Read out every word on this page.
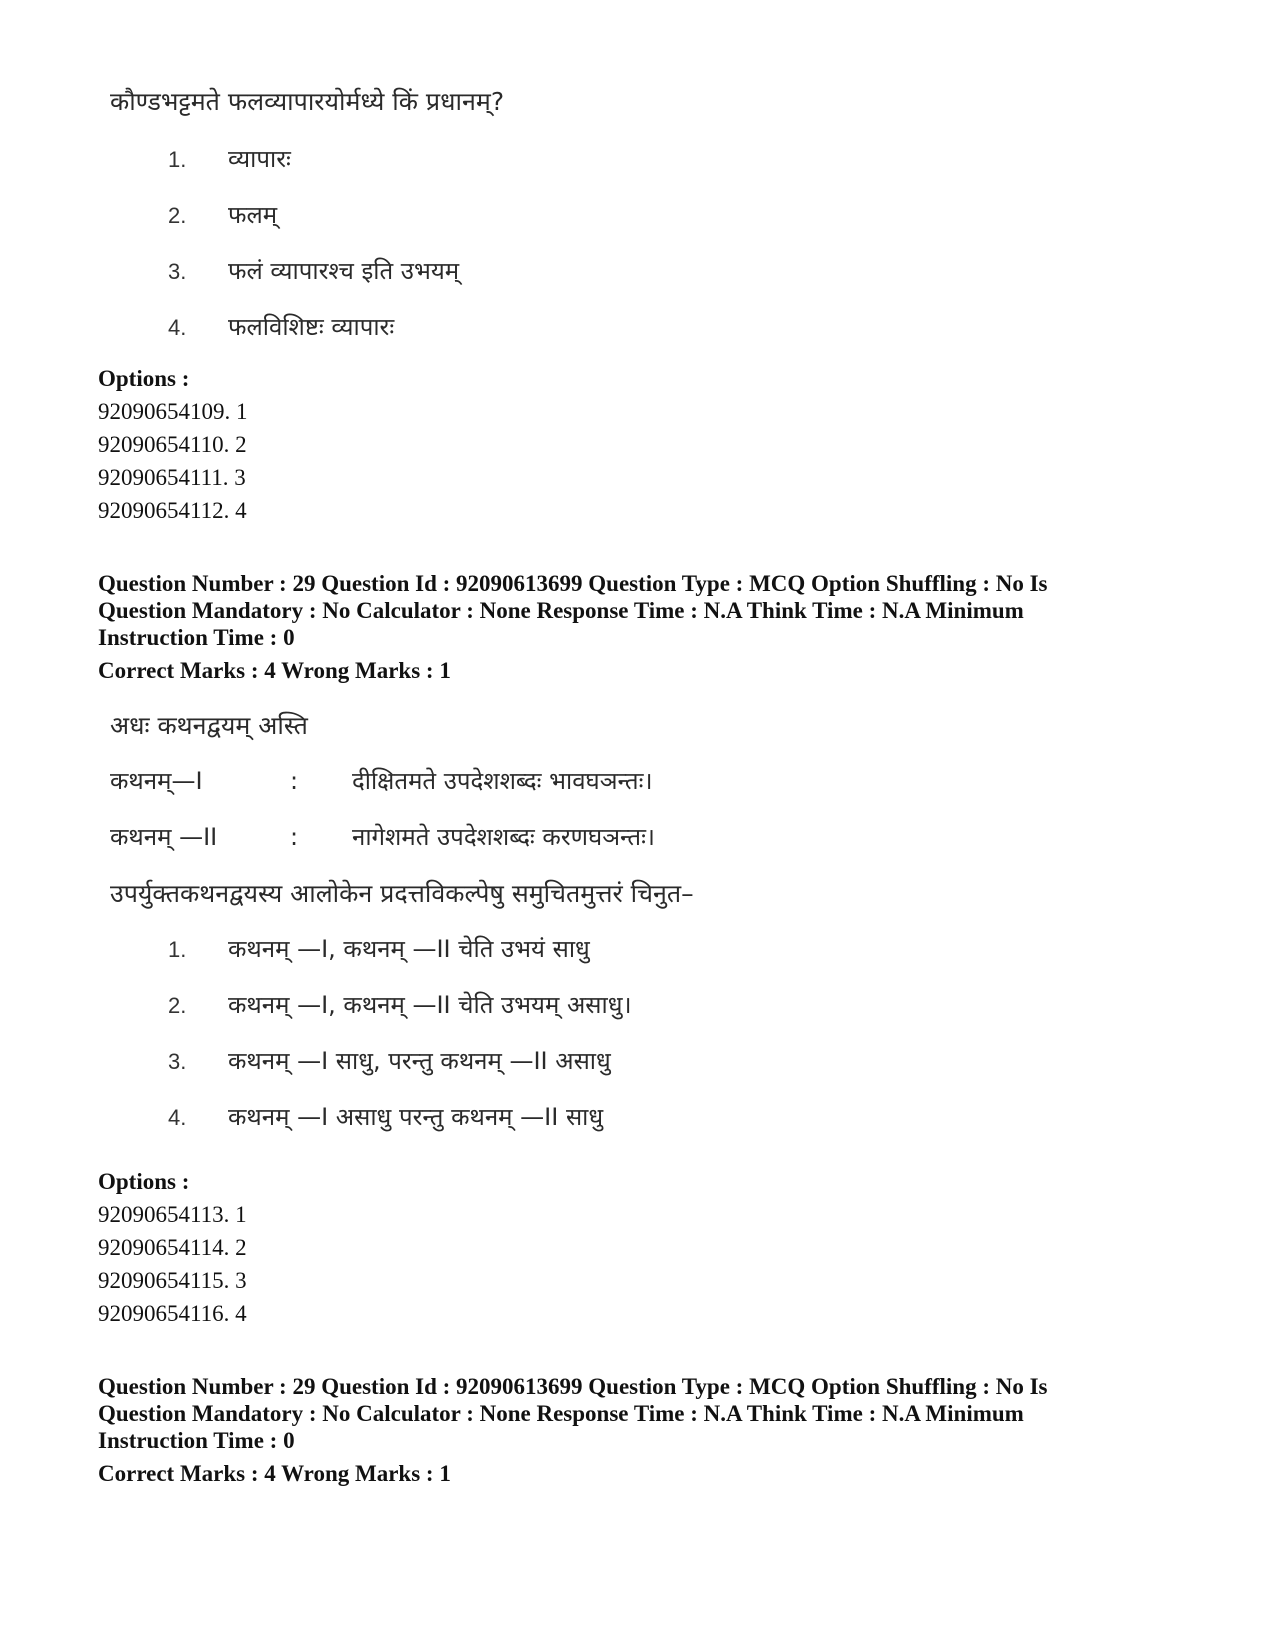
कौण्डभट्टमते फलव्यापारयोर्मध्ये किं प्रधानम्?
1. व्यापारः
2. फलम्
3. फलं व्यापारश्च इति उभयम्
4. फलविशिष्टः व्यापारः
Options :
92090654109. 1
92090654110. 2
92090654111. 3
92090654112. 4
Question Number : 29 Question Id : 92090613699 Question Type : MCQ Option Shuffling : No Is
Question Mandatory : No Calculator : None Response Time : N.A Think Time : N.A Minimum
Instruction Time : 0
Correct Marks : 4 Wrong Marks : 1
अधः कथनद्वयम् अस्ति
कथनम्—I	: दीक्षितमते उपदेशशब्दः भावघञन्तः।
कथनम् —II	: नागेशमते उपदेशशब्दः करणघञन्तः।
उपर्युक्तकथनद्वयस्य आलोकेन प्रदत्तविकल्पेषु समुचितमुत्तरं चिनुत–
1. कथनम् —I, कथनम् —II चेति उभयं साधु
2. कथनम् —I, कथनम् —II चेति उभयम् असाधु।
3. कथनम् —I साधु, परन्तु कथनम् —II असाधु
4. कथनम् —I असाधु परन्तु कथनम् —II साधु
Options :
92090654113. 1
92090654114. 2
92090654115. 3
92090654116. 4
Question Number : 29 Question Id : 92090613699 Question Type : MCQ Option Shuffling : No Is
Question Mandatory : No Calculator : None Response Time : N.A Think Time : N.A Minimum
Instruction Time : 0
Correct Marks : 4 Wrong Marks : 1
